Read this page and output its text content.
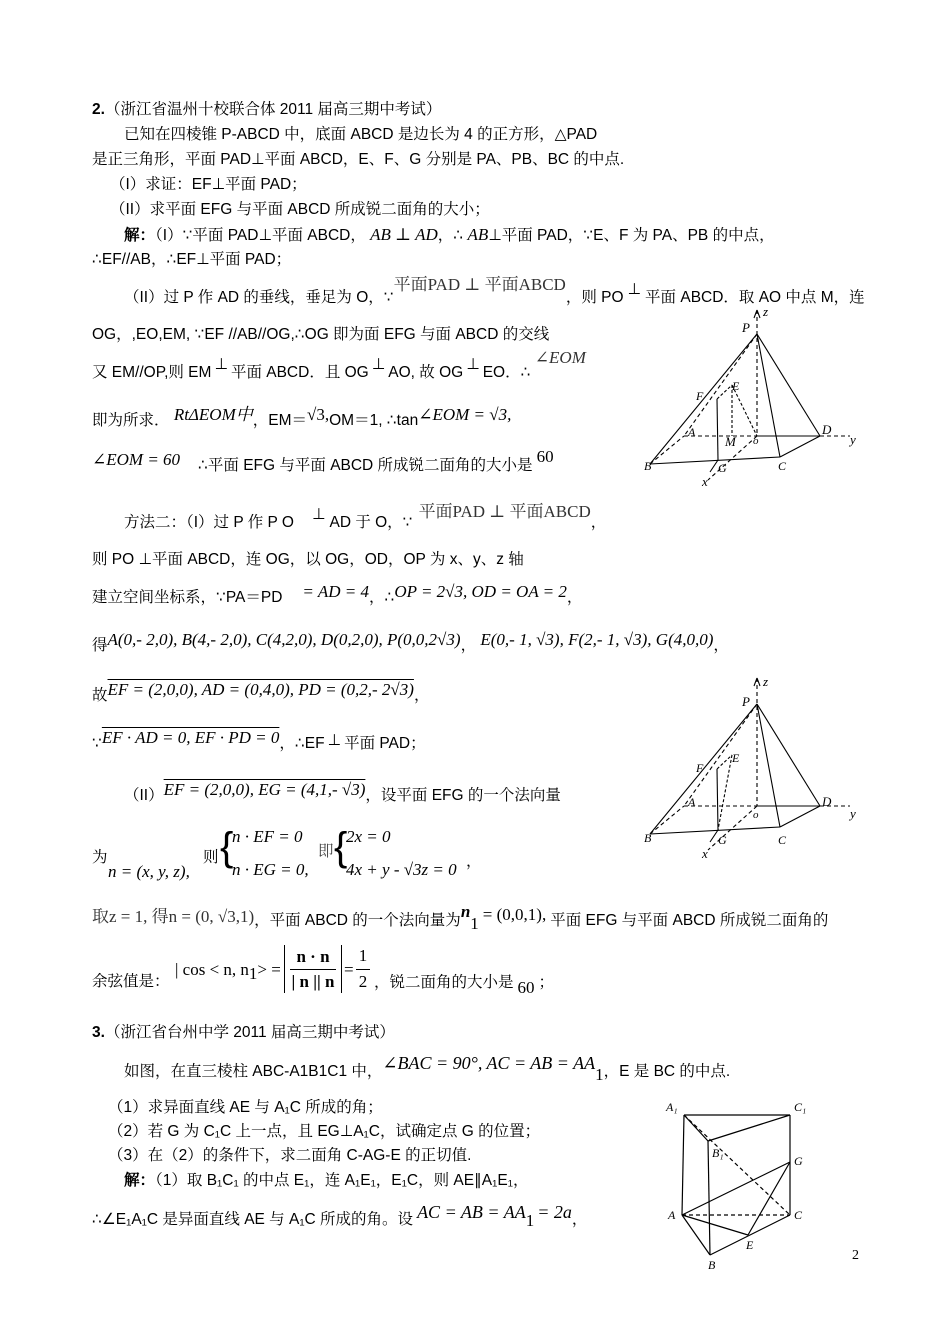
2.（浙江省温州十校联合体 2011 届高三期中考试）
已知在四棱锥 P-ABCD 中，底面 ABCD 是边长为 4 的正方形，△PAD
是正三角形，平面 PAD⊥平面 ABCD，E、F、G 分别是 PA、PB、BC 的中点.
（I）求证：EF⊥平面 PAD；
（II）求平面 EFG 与平面 ABCD 所成锐二面角的大小；
解：（I）∵平面 PAD⊥平面 ABCD， AB ⊥ AD，∴ AB⊥平面 PAD，∵E、F 为 PA、PB 的中点，
∴EF//AB，∴EF⊥平面 PAD；
（II）过 P 作 AD 的垂线，垂足为 O，∵平面PAD ⊥ 平面ABCD，则 PO ⊥ 平面 ABCD．取 AO 中点 M，连
OG，,EO,EM, ∵EF //AB//OG,∴OG 即为面 EFG 与面 ABCD 的交线
又 EM//OP,则 EM ⊥ 平面 ABCD．且 OG ⊥ AO, 故 OG ⊥ EO．∴ ∠EOM
即为所求． RtΔEOM中，EM＝√3,OM＝1, ∴tan∠EOM = √3,
∠EOM = 60 ∴平面 EFG 与平面 ABCD 所成锐二面角的大小是 60
方法二：（I）过 P 作 P O ⊥ AD 于 O，∵平面PAD ⊥ 平面ABCD，
则 PO ⊥平面 ABCD，连 OG，以 OG，OD，OP 为 x、y、z 轴
建立空间坐标系，∵PA＝PD = AD = 4，∴OP = 2√3, OD = OA = 2，
得A(0,- 2,0), B(4,- 2,0), C(4,2,0), D(0,2,0), P(0,0,2√3)， E(0,- 1, √3), F(2,- 1, √3), G(4,0,0)，
故EF = (2,0,0), AD = (0,4,0), PD = (0,2,- 2√3)，
∵EF · AD = 0, EF · PD = 0，∴EF ⊥ 平面 PAD；
（II）EF = (2,0,0), EG = (4,1,- √3)，设平面 EFG 的一个法向量
为
n = (x, y, z),
则 {
n · EF = 0
n · EG = 0,
即 {
2x = 0
4x + y - √3z = 0 ，
取z = 1, 得n = (0, √3,1)，平面 ABCD 的一个法向量为$n_1 = (0,0,1)$, 平面 EFG 与平面 ABCD 所成锐二面角的
余弦值是：
| cos < n, $n_1>$ =
n · n
| n || n
=
1
2 ，锐二面角的大小是 60 ；
3.（浙江省台州中学 2011 届高三期中考试）
如图，在直三棱柱 ABC-A1B1C1 中，∠BAC = 90°, AC = AB = $AA_1$，E 是 BC 的中点.
（1）求异面直线 AE 与 A₁C 所成的角；
（2）若 G 为 C₁C 上一点，且 EG⊥A₁C，试确定点 G 的位置；
（3）在（2）的条件下，求二面角 C-AG-E 的正切值.
解：（1）取 B₁C₁ 的中点 E₁，连 A₁E₁，E₁C，则 AE∥A₁E₁，
∴∠E₁A₁C 是异面直线 AE 与 A₁C 所成的角。设 AC = AB = $AA_1 = 2a$，
2
P
z
E
F
A
M o
D
y
B	G	C
x
P
z
E
F
A
o
D
y
B	G	C
x
A₁	C₁
B₁
G
A	C
E
B
